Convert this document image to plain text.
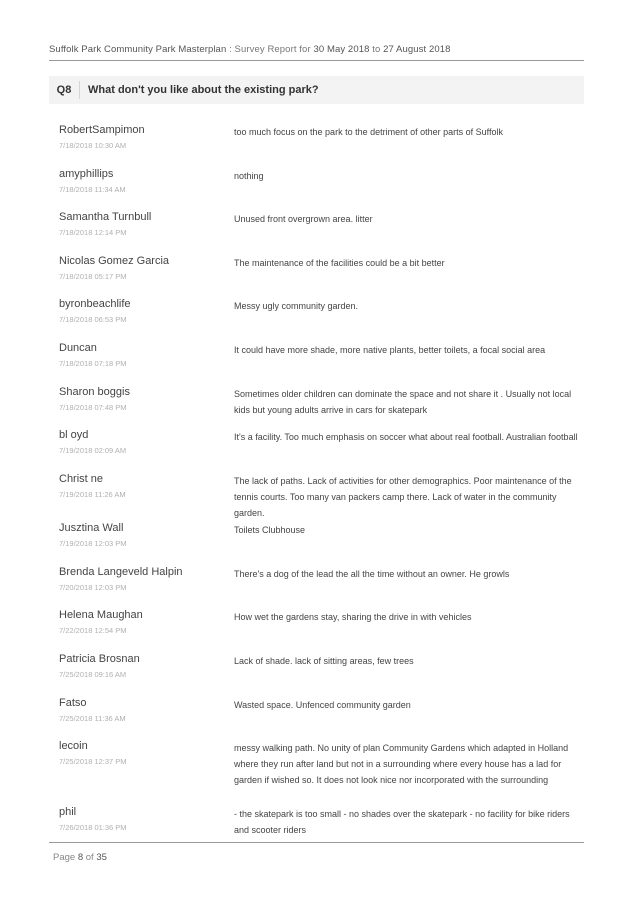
Suffolk Park Community Park Masterplan : Survey Report for 30 May 2018 to 27 August 2018
Q8	What don't you like about the existing park?
RobertSampimon
7/18/2018 10:30 AM
too much focus on the park to the detriment of other parts of Suffolk
amyphillips
7/18/2018 11:34 AM
nothing
Samantha Turnbull
7/18/2018 12:14 PM
Unused front overgrown area. litter
Nicolas Gomez Garcia
7/18/2018 05:17 PM
The maintenance of the facilities could be a bit better
byronbeachlife
7/18/2018 06:53 PM
Messy ugly community garden.
Duncan
7/18/2018 07:18 PM
It could have more shade, more native plants, better toilets, a focal social area
Sharon boggis
7/18/2018 07:48 PM
Sometimes older children can dominate the space and not share it . Usually not local kids but young adults arrive in cars for skatepark
bl oyd
7/19/2018 02:09 AM
It's a facility. Too much emphasis on soccer what about real football. Australian football
Christ ne
7/19/2018 11:26 AM
The lack of paths. Lack of activities for other demographics. Poor maintenance of the tennis courts. Too many van packers camp there. Lack of water in the community garden.
Jusztina Wall
7/19/2018 12:03 PM
Toilets Clubhouse
Brenda Langeveld Halpin
7/20/2018 12:03 PM
There's a dog of the lead the all the time without an owner. He growls
Helena Maughan
7/22/2018 12:54 PM
How wet the gardens stay, sharing the drive in with vehicles
Patricia Brosnan
7/25/2018 09:16 AM
Lack of shade. lack of sitting areas, few trees
Fatso
7/25/2018 11:36 AM
Wasted space. Unfenced community garden
lecoin
7/25/2018 12:37 PM
messy walking path. No unity of plan Community Gardens which adapted in Holland where they run after land but not in a surrounding where every house has a lad for garden if wished so. It does not look nice nor incorporated with the surrounding
phil
7/26/2018 01:36 PM
- the skatepark is too small - no shades over the skatepark - no facility for bike riders and scooter riders
Page 8 of 35
